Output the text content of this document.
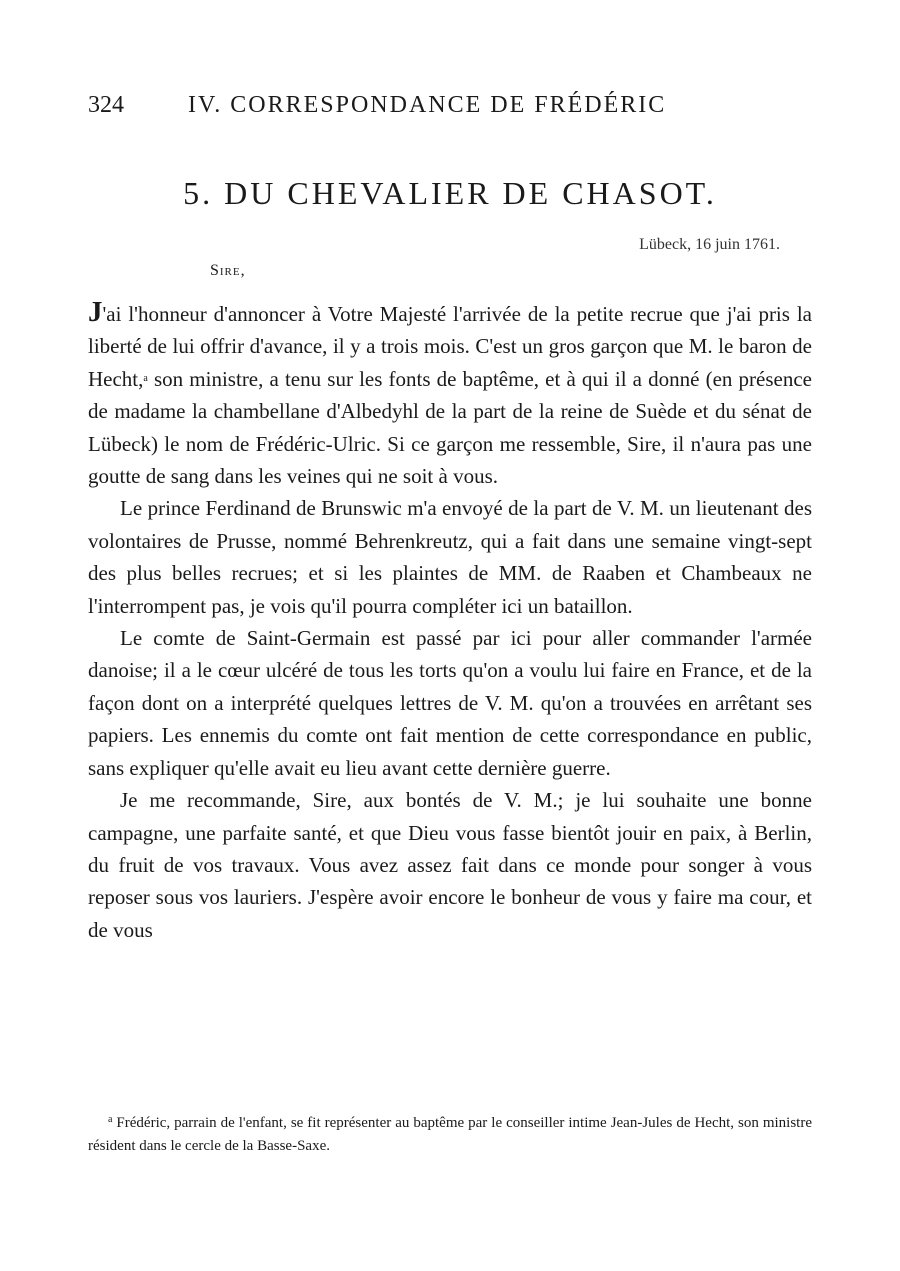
324	IV. CORRESPONDANCE DE FRÉDÉRIC
5. DU CHEVALIER DE CHASOT.
Lübeck, 16 juin 1761.
Sire,

J'ai l'honneur d'annoncer à Votre Majesté l'arrivée de la petite recrue que j'ai pris la liberté de lui offrir d'avance, il y a trois mois. C'est un gros garçon que M. le baron de Hecht,$^a$ son ministre, a tenu sur les fonts de baptême, et à qui il a donné (en présence de madame la chambellane d'Albedyhl de la part de la reine de Suède et du sénat de Lübeck) le nom de Frédéric-Ulric. Si ce garçon me ressemble, Sire, il n'aura pas une goutte de sang dans les veines qui ne soit à vous.

Le prince Ferdinand de Brunswic m'a envoyé de la part de V. M. un lieutenant des volontaires de Prusse, nommé Behrenkreutz, qui a fait dans une semaine vingt-sept des plus belles recrues; et si les plaintes de MM. de Raaben et Chambeaux ne l'interrompent pas, je vois qu'il pourra compléter ici un bataillon.

Le comte de Saint-Germain est passé par ici pour aller commander l'armée danoise; il a le cœur ulcéré de tous les torts qu'on a voulu lui faire en France, et de la façon dont on a interprété quelques lettres de V. M. qu'on a trouvées en arrêtant ses papiers. Les ennemis du comte ont fait mention de cette correspondance en public, sans expliquer qu'elle avait eu lieu avant cette dernière guerre.

Je me recommande, Sire, aux bontés de V. M.; je lui souhaite une bonne campagne, une parfaite santé, et que Dieu vous fasse bientôt jouir en paix, à Berlin, du fruit de vos travaux. Vous avez assez fait dans ce monde pour songer à vous reposer sous vos lauriers. J'espère avoir encore le bonheur de vous y faire ma cour, et de vous

$^a$ Frédéric, parrain de l'enfant, se fit représenter au baptême par le conseiller intime Jean-Jules de Hecht, son ministre résident dans le cercle de la Basse-Saxe.
